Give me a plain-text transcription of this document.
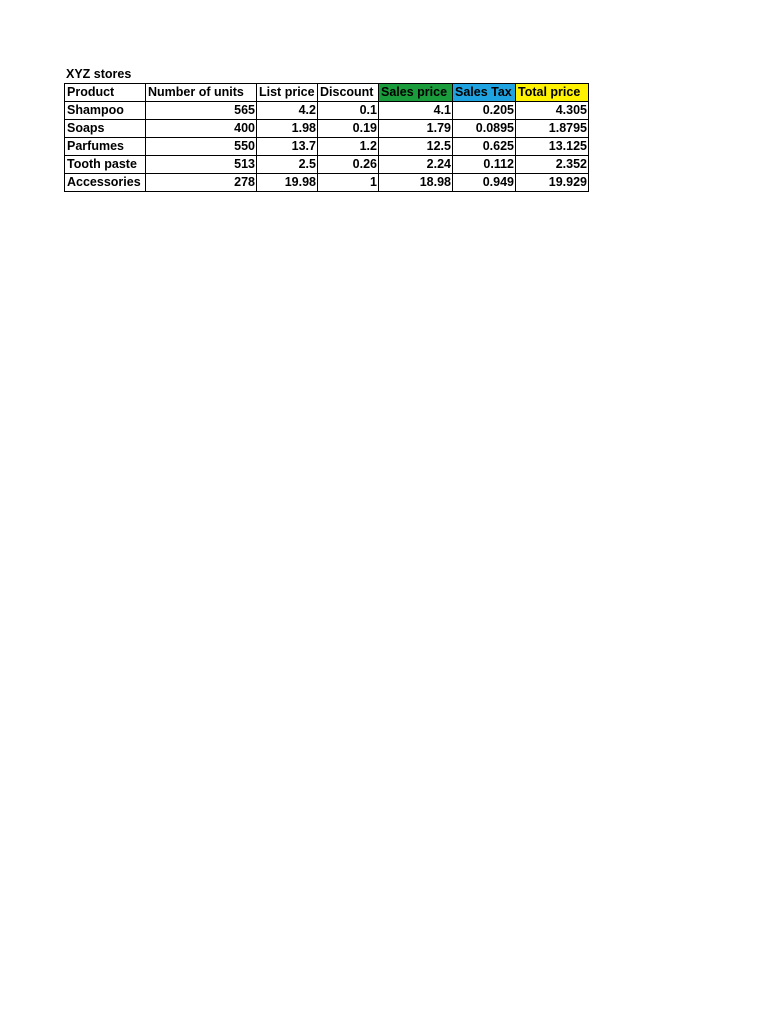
XYZ stores
Product	Number of units	List price	Discount	Sales price	Sales Tax	Total price
Shampoo	565	4.2	0.1	4.1	0.205	4.305
Soaps	400	1.98	0.19	1.79	0.0895	1.8795
Parfumes	550	13.7	1.2	12.5	0.625	13.125
Tooth paste	513	2.5	0.26	2.24	0.112	2.352
Accessories	278	19.98	1	18.98	0.949	19.929
